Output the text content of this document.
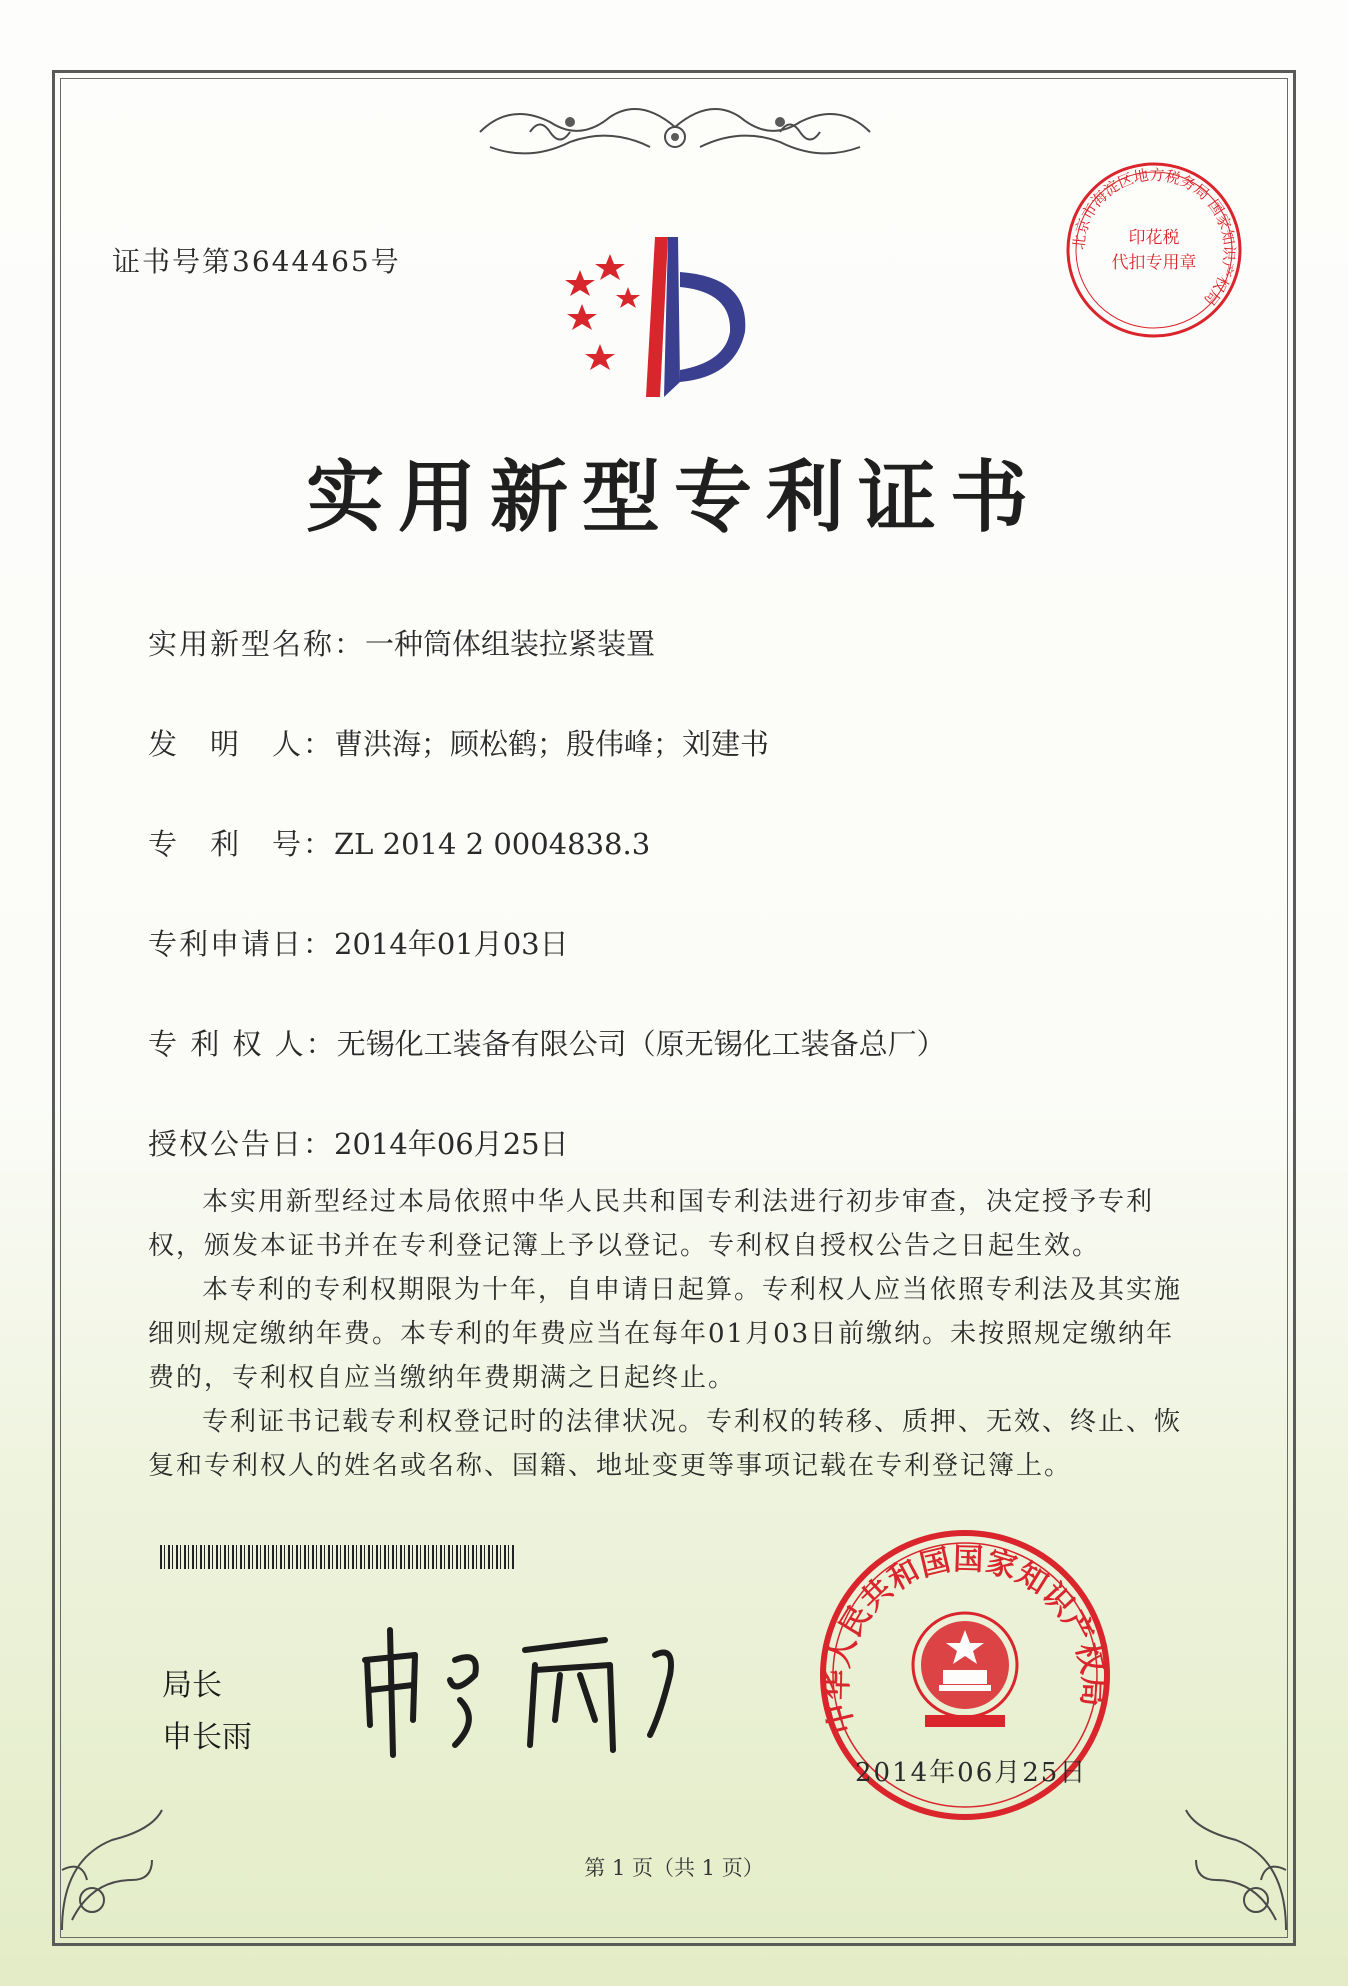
证书号第3644465号
北京市海淀区地方税务局 国家知识产权局
印花税
代扣专用章
实用新型专利证书
实用新型名称：一种筒体组装拉紧装置
发　明　人：曹洪海；顾松鹤；殷伟峰；刘建书
专　利　号：ZL 2014 2 0004838.3
专利申请日：2014年01月03日
专 利 权 人：无锡化工装备有限公司（原无锡化工装备总厂）
授权公告日：2014年06月25日

本实用新型经过本局依照中华人民共和国专利法进行初步审查，决定授予专利权，颁发本证书并在专利登记簿上予以登记。专利权自授权公告之日起生效。

本专利的专利权期限为十年，自申请日起算。专利权人应当依照专利法及其实施细则规定缴纳年费。本专利的年费应当在每年01月03日前缴纳。未按照规定缴纳年费的，专利权自应当缴纳年费期满之日起终止。

专利证书记载专利权登记时的法律状况。专利权的转移、质押、无效、终止、恢复和专利权人的姓名或名称、国籍、地址变更等事项记载在专利登记簿上。

局长
申长雨
中华人民共和国国家知识产权局
2014年06月25日
第 1 页（共 1 页）
